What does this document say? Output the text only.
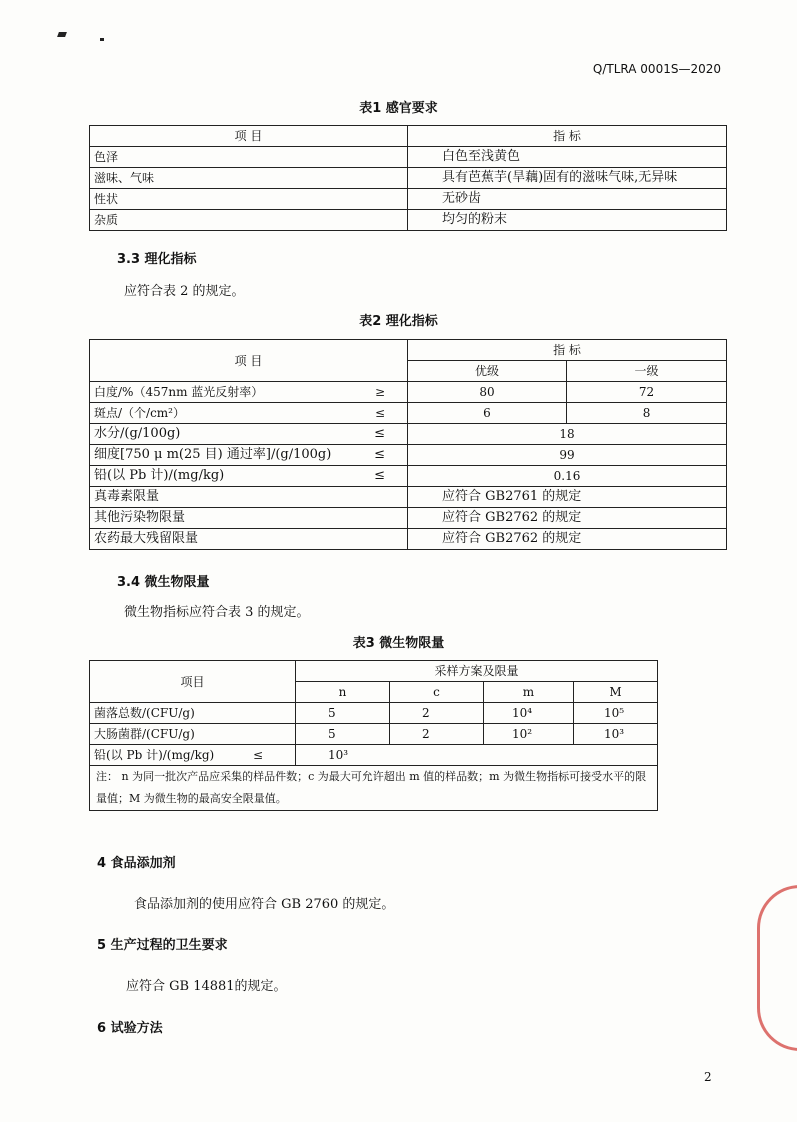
Q/TLRA 0001S—2020
表1 感官要求
项 目	指 标
色泽	白色至浅黄色
滋味、气味	具有芭蕉芋(旱藕)固有的滋味气味,无异味
性状	无砂齿
杂质	均匀的粉末
3.3 理化指标
应符合表 2 的规定。
表2 理化指标
项 目	指 标	
	优级	一级
白度/%（457nm 蓝光反射率） ≥	80	72
斑点/（个/cm²） ≤	6	8
水分/(g/100g) ≤	18	
细度[750 μ m(25 目) 通过率]/(g/100g) ≤	99	
铅(以 Pb 计)/(mg/kg) ≤	0.16	
真毒素限量	应符合 GB2761 的规定	
其他污染物限量	应符合 GB2762 的规定	
农药最大残留限量	应符合 GB2762 的规定	
3.4 微生物限量
微生物指标应符合表 3 的规定。
表3 微生物限量
项目	采样方案及限量			
	n	c	m	M
菌落总数/(CFU/g)	5	2	10⁴	10⁵
大肠菌群/(CFU/g)	5	2	10²	10³
铅(以 Pb 计)/(mg/kg) ≤	10³			
注： n 为同一批次产品应采集的样品件数；c 为最大可允许超出 m 值的样品数；m 为微生物指标可接受水平的限量值；M 为微生物的最高安全限量值。				
4 食品添加剂
食品添加剂的使用应符合 GB 2760 的规定。
5 生产过程的卫生要求
应符合 GB 14881的规定。
6 试验方法
2
